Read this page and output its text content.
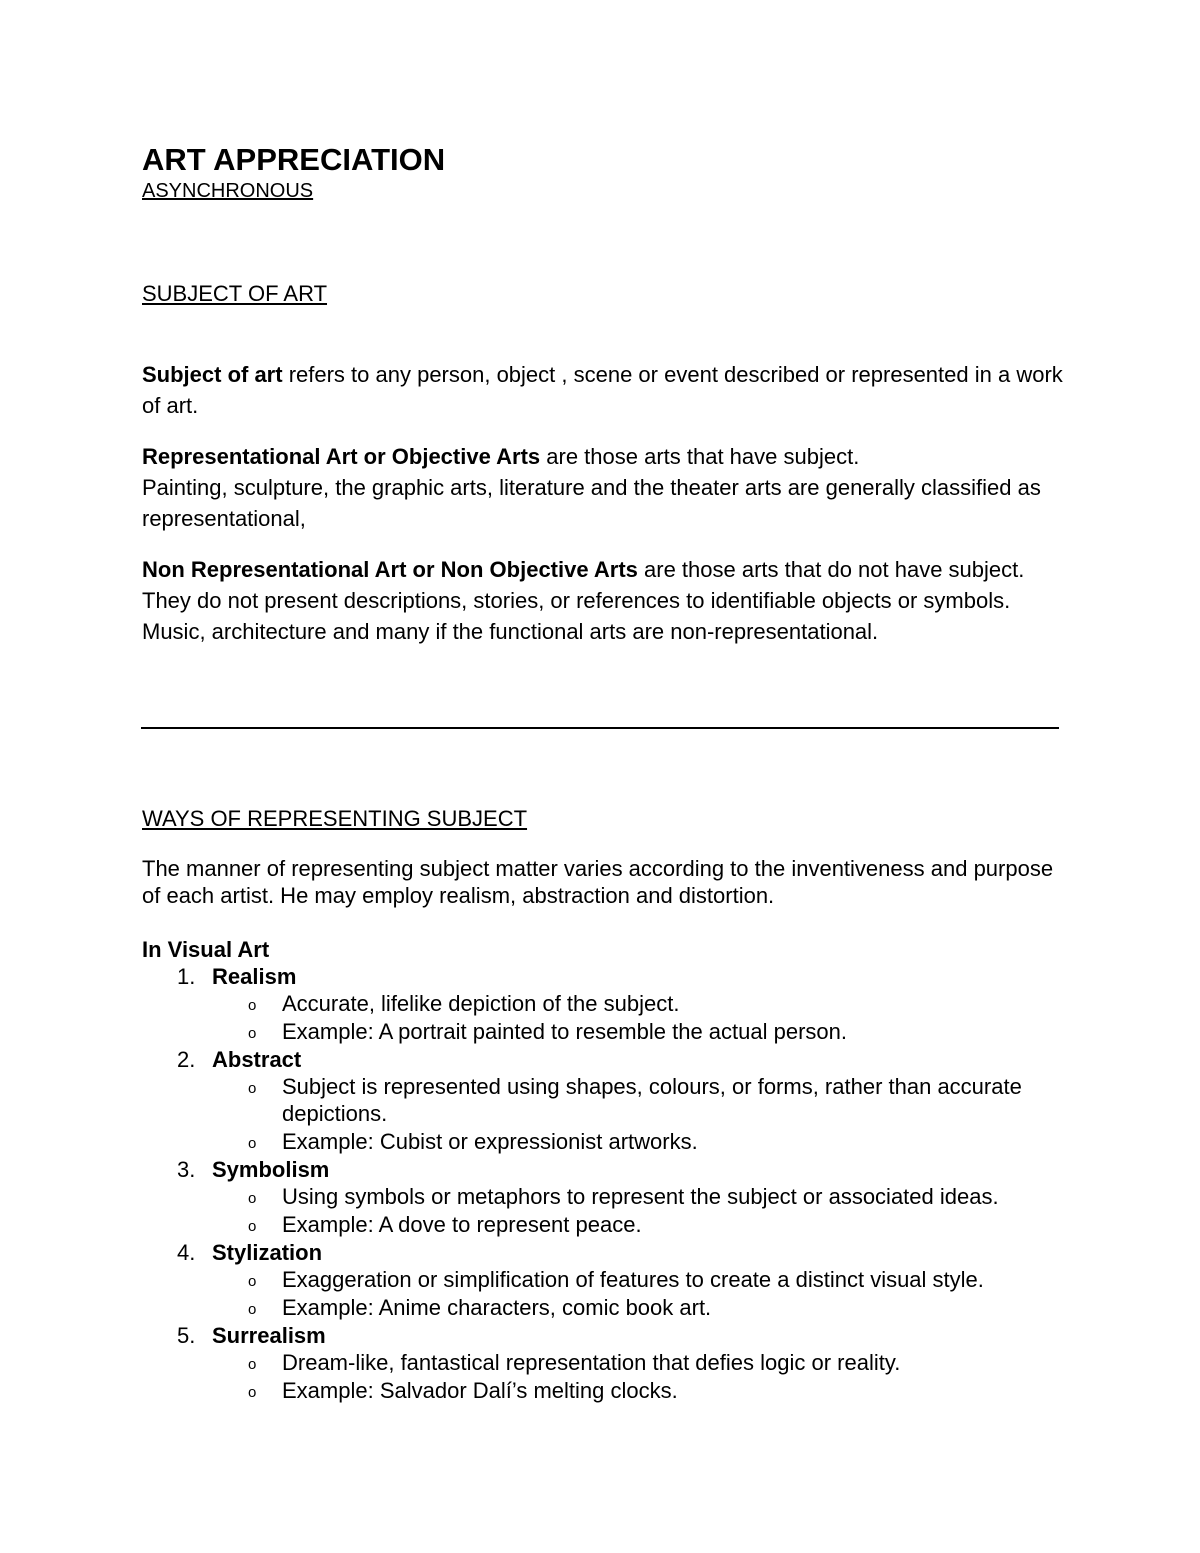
ART APPRECIATION
ASYNCHRONOUS
SUBJECT OF ART
Subject of art refers to any person, object , scene or event described or represented in a work of art.
Representational Art or Objective Arts are those arts that have subject.
Painting, sculpture, the graphic arts, literature and the theater arts are generally classified as representational,
Non Representational Art or Non Objective Arts are those arts that do not have subject.
They do not present descriptions, stories, or references to identifiable objects or symbols. Music, architecture and many if the functional arts are non-representational.
WAYS OF REPRESENTING SUBJECT
The manner of representing subject matter varies according to the inventiveness and purpose of each artist. He may employ realism, abstraction and distortion.
In Visual Art
1. Realism
o Accurate, lifelike depiction of the subject.
o Example: A portrait painted to resemble the actual person.
2. Abstract
o Subject is represented using shapes, colours, or forms, rather than accurate depictions.
o Example: Cubist or expressionist artworks.
3. Symbolism
o Using symbols or metaphors to represent the subject or associated ideas.
o Example: A dove to represent peace.
4. Stylization
o Exaggeration or simplification of features to create a distinct visual style.
o Example: Anime characters, comic book art.
5. Surrealism
o Dream-like, fantastical representation that defies logic or reality.
o Example: Salvador Dalí’s melting clocks.
